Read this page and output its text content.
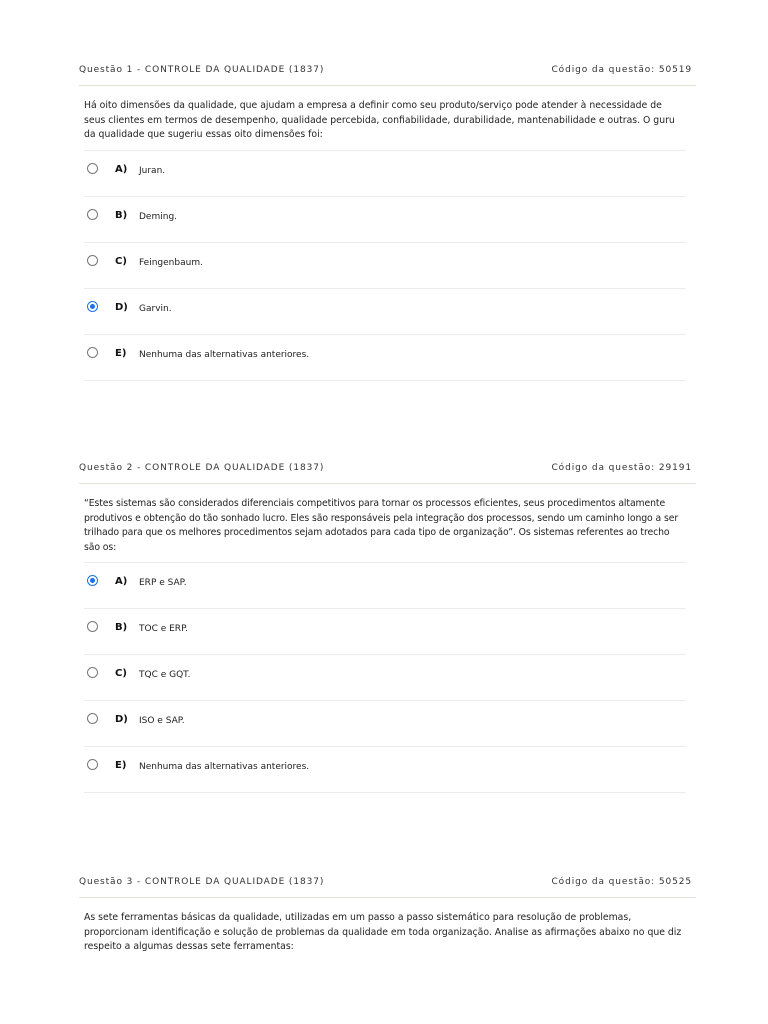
Questão 1 - CONTROLE DA QUALIDADE (1837)	Código da questão: 50519
Há oito dimensões da qualidade, que ajudam a empresa a definir como seu produto/serviço pode atender à necessidade de seus clientes em termos de desempenho, qualidade percebida, confiabilidade, durabilidade, mantenabilidade e outras. O guru da qualidade que sugeriu essas oito dimensões foi:
A) Juran.
B) Deming.
C) Feingenbaum.
D) Garvin.
E) Nenhuma das alternativas anteriores.
Questão 2 - CONTROLE DA QUALIDADE (1837)	Código da questão: 29191
“Estes sistemas são considerados diferenciais competitivos para tornar os processos eficientes, seus procedimentos altamente produtivos e obtenção do tão sonhado lucro. Eles são responsáveis pela integração dos processos, sendo um caminho longo a ser trilhado para que os melhores procedimentos sejam adotados para cada tipo de organização”. Os sistemas referentes ao trecho são os:
A) ERP e SAP.
B) TOC e ERP.
C) TQC e GQT.
D) ISO e SAP.
E) Nenhuma das alternativas anteriores.
Questão 3 - CONTROLE DA QUALIDADE (1837)	Código da questão: 50525
As sete ferramentas básicas da qualidade, utilizadas em um passo a passo sistemático para resolução de problemas, proporcionam identificação e solução de problemas da qualidade em toda organização. Analise as afirmações abaixo no que diz respeito a algumas dessas sete ferramentas:
